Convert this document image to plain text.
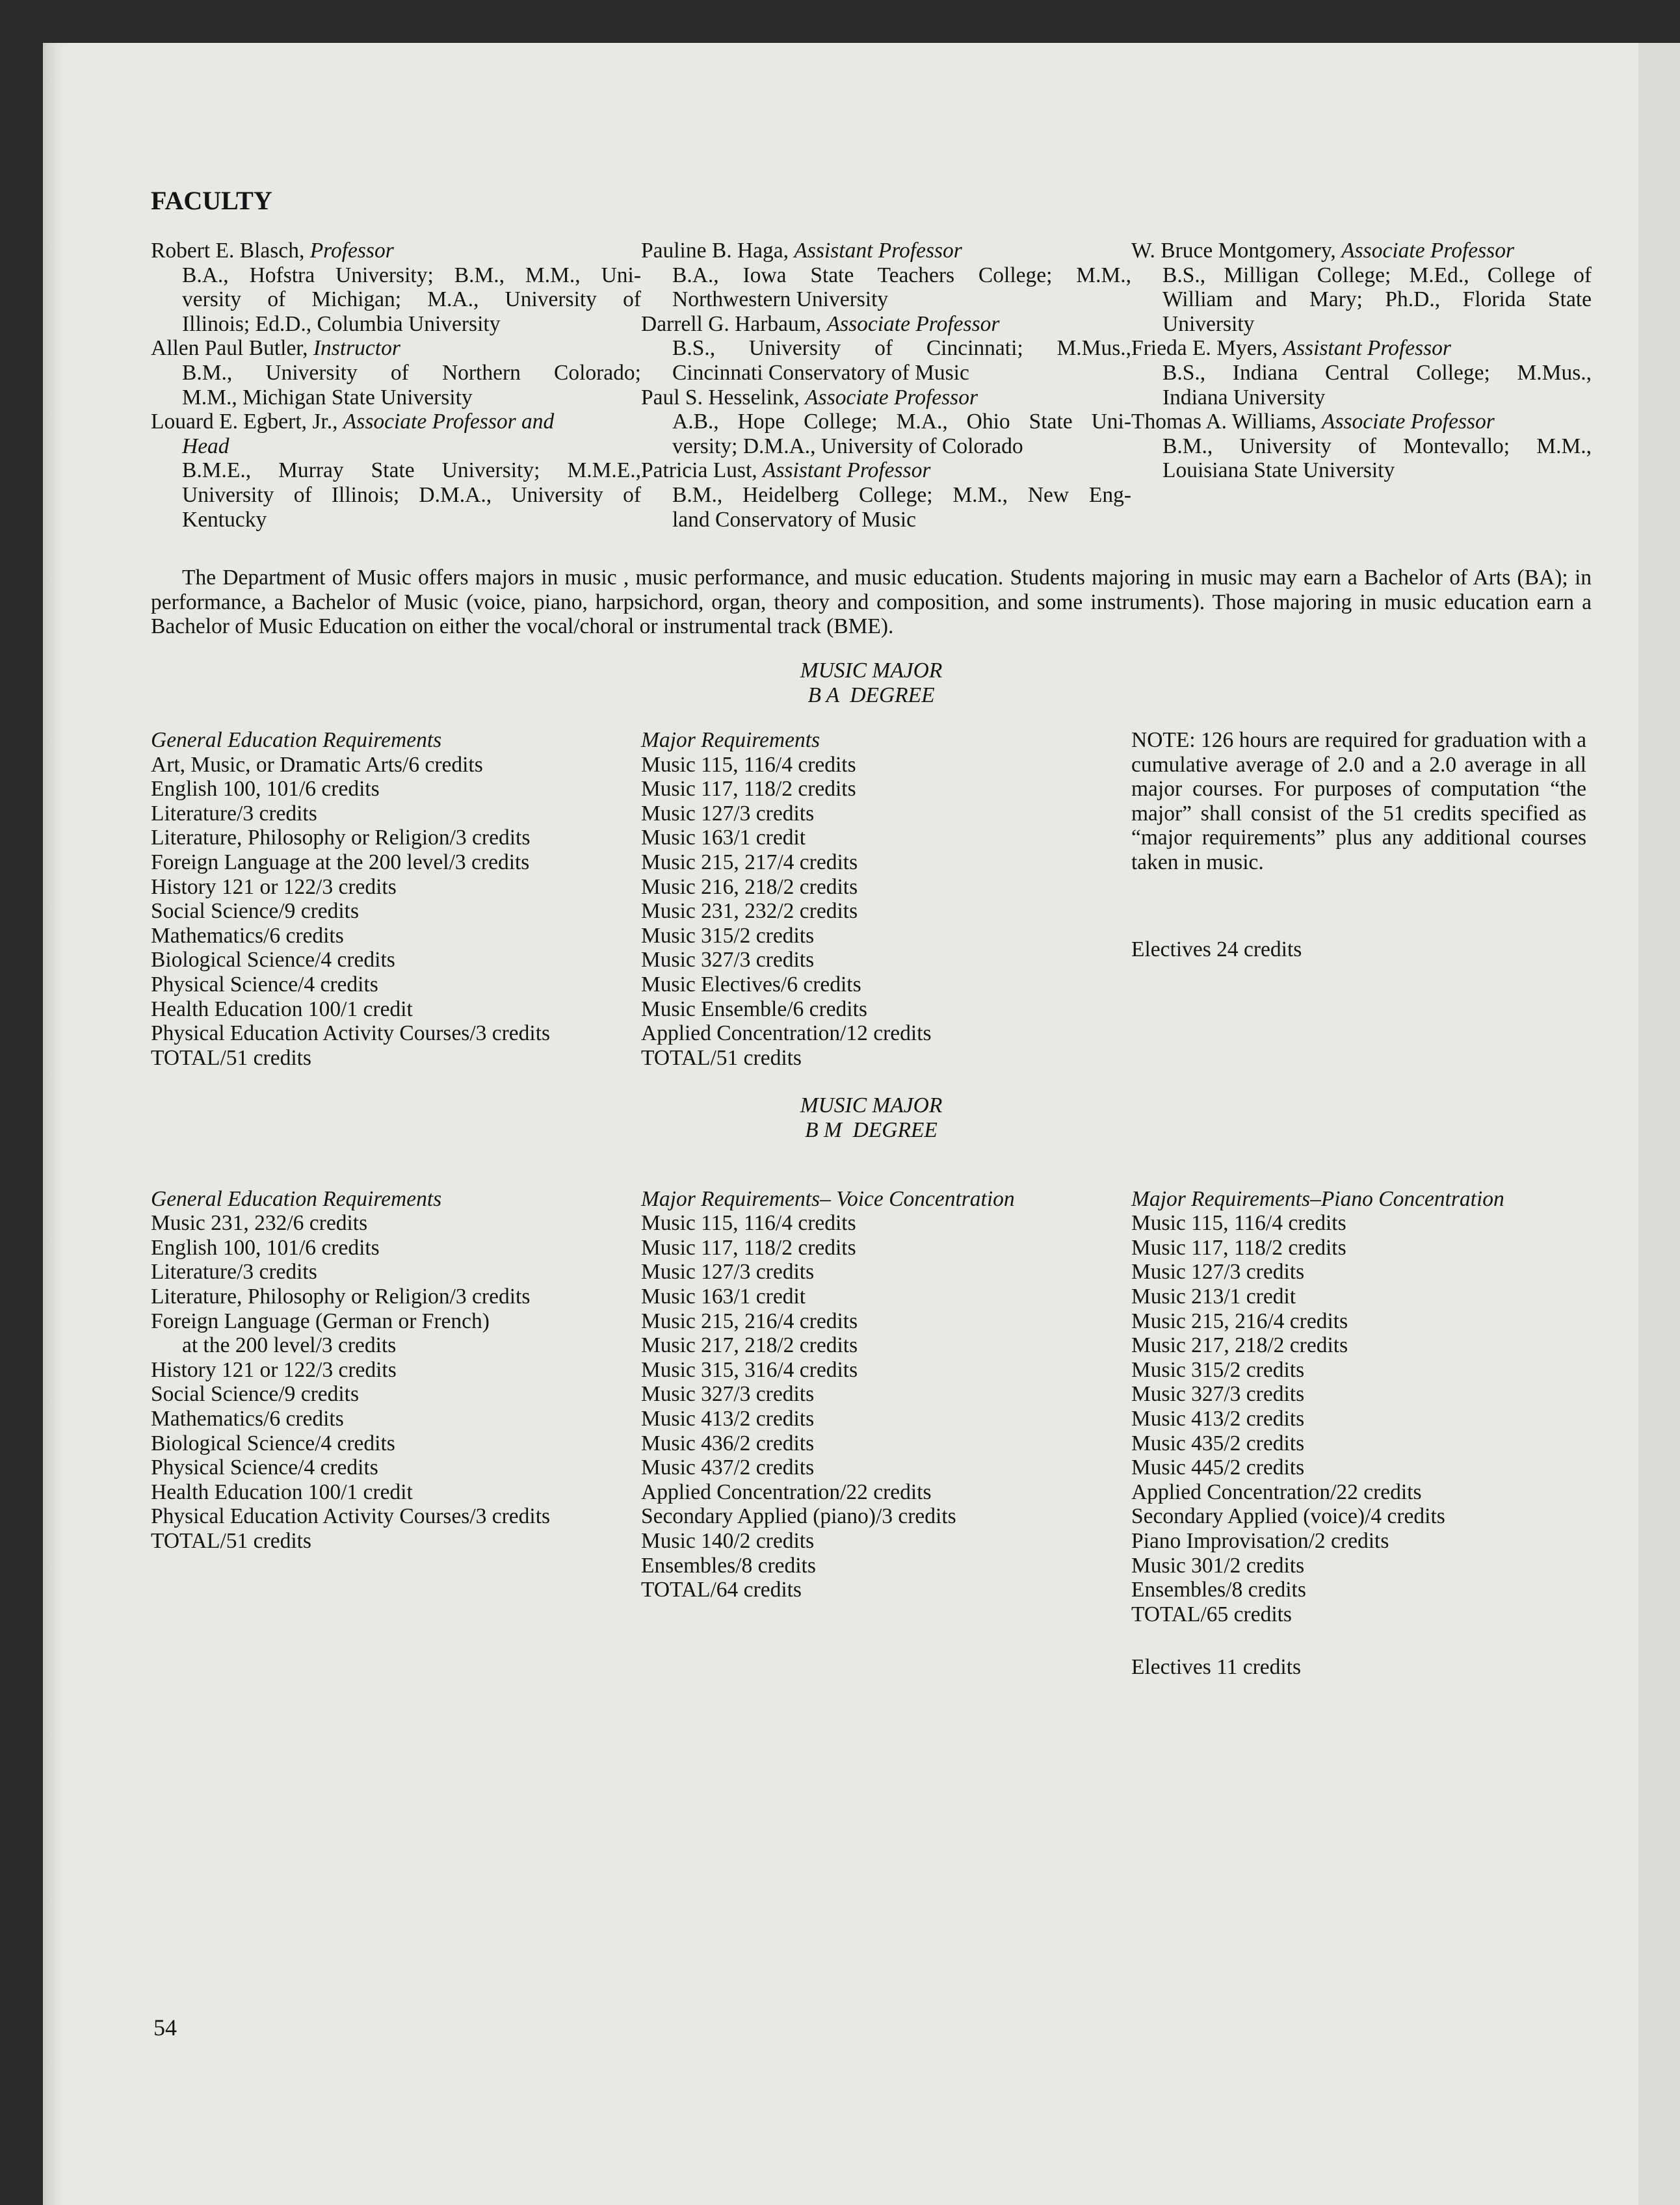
FACULTY
Robert E. Blasch, Professor
B.A., Hofstra University; B.M., M.M., Uni-
versity of Michigan; M.A., University of
Illinois; Ed.D., Columbia University
Allen Paul Butler, Instructor
B.M., University of Northern Colorado;
M.M., Michigan State University
Louard E. Egbert, Jr., Associate Professor and
Head
B.M.E., Murray State University; M.M.E.,
University of Illinois; D.M.A., University of
Kentucky
Pauline B. Haga, Assistant Professor
B.A., Iowa State Teachers College; M.M.,
Northwestern University
Darrell G. Harbaum, Associate Professor
B.S., University of Cincinnati; M.Mus.,
Cincinnati Conservatory of Music
Paul S. Hesselink, Associate Professor
A.B., Hope College; M.A., Ohio State Uni-
versity; D.M.A., University of Colorado
Patricia Lust, Assistant Professor
B.M., Heidelberg College; M.M., New Eng-
land Conservatory of Music
W. Bruce Montgomery, Associate Professor
B.S., Milligan College; M.Ed., College of
William and Mary; Ph.D., Florida State
University
Frieda E. Myers, Assistant Professor
B.S., Indiana Central College; M.Mus.,
Indiana University
Thomas A. Williams, Associate Professor
B.M., University of Montevallo; M.M.,
Louisiana State University
The Department of Music offers majors in music , music performance, and music education. Students majoring in music may earn a Bachelor of Arts (BA); in performance, a Bachelor of Music (voice, piano, harpsichord, organ, theory and composition, and some instruments). Those majoring in music education earn a Bachelor of Music Education on either the vocal/choral or instrumental track (BME).
MUSIC MAJOR
B A  DEGREE
General Education Requirements
Art, Music, or Dramatic Arts/6 credits
English 100, 101/6 credits
Literature/3 credits
Literature, Philosophy or Religion/3 credits
Foreign Language at the 200 level/3 credits
History 121 or 122/3 credits
Social Science/9 credits
Mathematics/6 credits
Biological Science/4 credits
Physical Science/4 credits
Health Education 100/1 credit
Physical Education Activity Courses/3 credits
TOTAL/51 credits
Major Requirements
Music 115, 116/4 credits
Music 117, 118/2 credits
Music 127/3 credits
Music 163/1 credit
Music 215, 217/4 credits
Music 216, 218/2 credits
Music 231, 232/2 credits
Music 315/2 credits
Music 327/3 credits
Music Electives/6 credits
Music Ensemble/6 credits
Applied Concentration/12 credits
TOTAL/51 credits
NOTE: 126 hours are required for graduation with a cumulative average of 2.0 and a 2.0 average in all major courses. For purposes of computation “the major” shall consist of the 51 credits specified as “major requirements” plus any additional courses taken in music.
Electives 24 credits
MUSIC MAJOR
B M  DEGREE
General Education Requirements
Music 231, 232/6 credits
English 100, 101/6 credits
Literature/3 credits
Literature, Philosophy or Religion/3 credits
Foreign Language (German or French)
at the 200 level/3 credits
History 121 or 122/3 credits
Social Science/9 credits
Mathematics/6 credits
Biological Science/4 credits
Physical Science/4 credits
Health Education 100/1 credit
Physical Education Activity Courses/3 credits
TOTAL/51 credits
Major Requirements– Voice Concentration
Music 115, 116/4 credits
Music 117, 118/2 credits
Music 127/3 credits
Music 163/1 credit
Music 215, 216/4 credits
Music 217, 218/2 credits
Music 315, 316/4 credits
Music 327/3 credits
Music 413/2 credits
Music 436/2 credits
Music 437/2 credits
Applied Concentration/22 credits
Secondary Applied (piano)/3 credits
Music 140/2 credits
Ensembles/8 credits
TOTAL/64 credits
Major Requirements–Piano Concentration
Music 115, 116/4 credits
Music 117, 118/2 credits
Music 127/3 credits
Music 213/1 credit
Music 215, 216/4 credits
Music 217, 218/2 credits
Music 315/2 credits
Music 327/3 credits
Music 413/2 credits
Music 435/2 credits
Music 445/2 credits
Applied Concentration/22 credits
Secondary Applied (voice)/4 credits
Piano Improvisation/2 credits
Music 301/2 credits
Ensembles/8 credits
TOTAL/65 credits
Electives 11 credits
54
